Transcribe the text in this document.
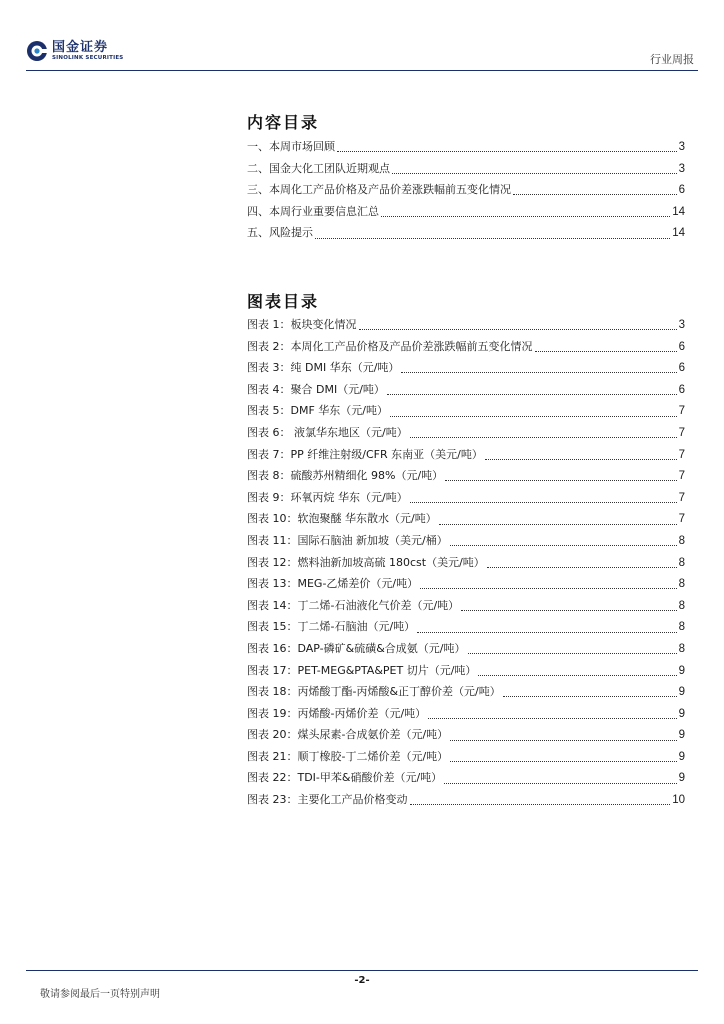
国金证券
SINOLINK SECURITIES	行业周报
内容目录
一、本周市场回顾	3
二、国金大化工团队近期观点	3
三、本周化工产品价格及产品价差涨跌幅前五变化情况	6
四、本周行业重要信息汇总	14
五、风险提示	14
图表目录
图表 1：板块变化情况	3
图表 2：本周化工产品价格及产品价差涨跌幅前五变化情况	6
图表 3：纯 DMI 华东（元/吨）	6
图表 4：聚合 DMI（元/吨）	6
图表 5：DMF 华东（元/吨）	7
图表 6： 液氯华东地区（元/吨）	7
图表 7：PP 纤维注射级/CFR 东南亚（美元/吨）	7
图表 8：硫酸苏州精细化 98%（元/吨）	7
图表 9：环氧丙烷 华东（元/吨）	7
图表 10：软泡聚醚 华东散水（元/吨）	7
图表 11：国际石脑油 新加坡（美元/桶）	8
图表 12：燃料油新加坡高硫 180cst（美元/吨）	8
图表 13：MEG-乙烯差价（元/吨）	8
图表 14：丁二烯-石油液化气价差（元/吨）	8
图表 15：丁二烯-石脑油（元/吨）	8
图表 16：DAP-磷矿&硫磺&合成氨（元/吨）	8
图表 17：PET-MEG&PTA&PET 切片（元/吨）	9
图表 18：丙烯酸丁酯-丙烯酸&正丁醇价差（元/吨）	9
图表 19：丙烯酸-丙烯价差（元/吨）	9
图表 20：煤头尿素-合成氨价差（元/吨）	9
图表 21：顺丁橡胶-丁二烯价差（元/吨）	9
图表 22：TDI-甲苯&硝酸价差（元/吨）	9
图表 23：主要化工产品价格变动	10
-2-
敬请参阅最后一页特别声明
